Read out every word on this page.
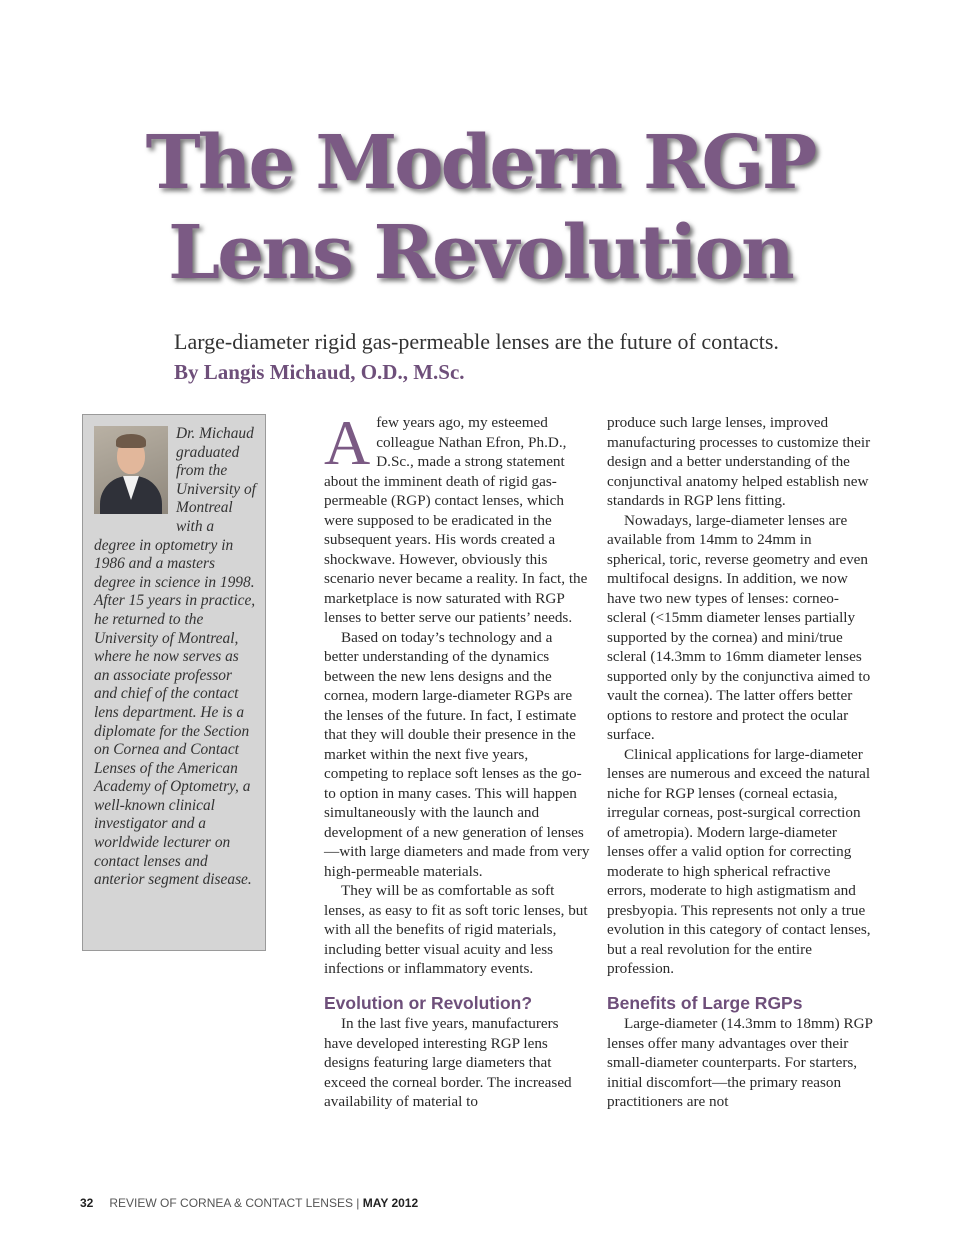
The Modern RGP
Lens Revolution
Large-diameter rigid gas-permeable lenses are the future of contacts.
By Langis Michaud, O.D., M.Sc.
Dr. Michaud graduated from the University of Montreal with a degree in optometry in 1986 and a masters degree in science in 1998. After 15 years in practice, he returned to the University of Montreal, where he now serves as an associate professor and chief of the contact lens department. He is a diplomate for the Section on Cornea and Contact Lenses of the American Academy of Optometry, a well-known clinical investigator and a worldwide lecturer on contact lenses and anterior segment disease.

Afew years ago, my esteemed colleague Nathan Efron, Ph.D., D.Sc., made a strong statement about the imminent death of rigid gas-permeable (RGP) contact lenses, which were supposed to be eradicated in the subsequent years. His words created a shockwave. However, obviously this scenario never became a reality. In fact, the marketplace is now saturated with RGP lenses to better serve our patients’ needs.

Based on today’s technology and a better understanding of the dynamics between the new lens designs and the cornea, modern large-diameter RGPs are the lenses of the future. In fact, I estimate that they will double their presence in the market within the next five years, competing to replace soft lenses as the go-to option in many cases. This will happen simultaneously with the launch and development of a new generation of lenses—with large diameters and made from very high-permeable materials.

They will be as comfortable as soft lenses, as easy to fit as soft toric lenses, but with all the benefits of rigid materials, including better visual acuity and less infections or inflammatory events.

Evolution or Revolution?

In the last five years, manufacturers have developed interesting RGP lens designs featuring large diameters that exceed the corneal border. The increased availability of material to

produce such large lenses, improved manufacturing processes to customize their design and a better understanding of the conjunctival anatomy helped establish new standards in RGP lens fitting.

Nowadays, large-diameter lenses are available from 14mm to 24mm in spherical, toric, reverse geometry and even multifocal designs. In addition, we now have two new types of lenses: corneo-scleral (<15mm diameter lenses partially supported by the cornea) and mini/true scleral (14.3mm to 16mm diameter lenses supported only by the conjunctiva aimed to vault the cornea). The latter offers better options to restore and protect the ocular surface.

Clinical applications for large-diameter lenses are numerous and exceed the natural niche for RGP lenses (corneal ectasia, irregular corneas, post-surgical correction of ametropia). Modern large-diameter lenses offer a valid option for correcting moderate to high spherical refractive errors, moderate to high astigmatism and presbyopia. This represents not only a true evolution in this category of contact lenses, but a real revolution for the entire profession.

Benefits of Large RGPs

Large-diameter (14.3mm to 18mm) RGP lenses offer many advantages over their small-diameter counterparts. For starters, initial discomfort—the primary reason practitioners are not

32 REVIEW OF CORNEA & CONTACT LENSES | MAY 2012
